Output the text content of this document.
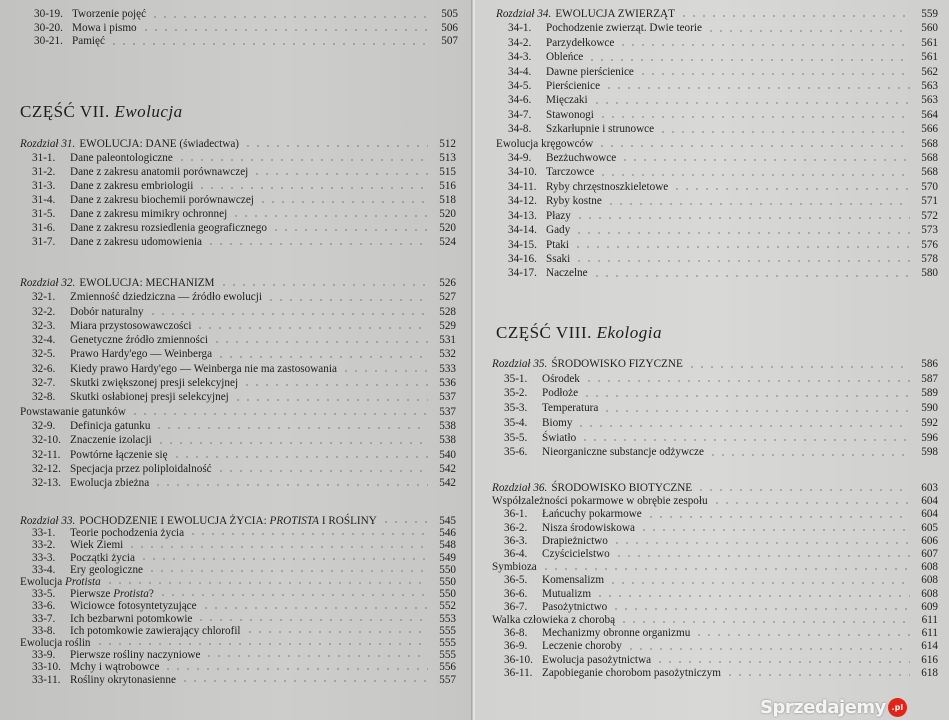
30-19. Tworzenie pojęć	505
30-20. Mowa i pismo	506
30-21. Pamięć	507
CZĘŚĆ VII. Ewolucja
Rozdział 31. EWOLUCJA: DANE (świadectwa)	512
31-1.	Dane paleontologiczne	513
31-2.	Dane z zakresu anatomii porównawczej	515
31-3.	Dane z zakresu embriologii	516
31-4.	Dane z zakresu biochemii porównawczej	518
31-5.	Dane z zakresu mimikry ochronnej	520
31-6.	Dane z zakresu rozsiedlenia geograficznego	520
31-7.	Dane z zakresu udomowienia	524
Rozdział 32. EWOLUCJA: MECHANIZM	526
32-1.	Zmienność dziedziczna — źródło ewolucji	527
32-2.	Dobór naturalny	528
32-3.	Miara przystosowawczości	529
32-4.	Genetyczne źródło zmienności	531
32-5.	Prawo Hardy'ego — Weinberga	532
32-6.	Kiedy prawo Hardy'ego — Weinberga nie ma zastosowania	533
32-7.	Skutki zwiększonej presji selekcyjnej	536
32-8.	Skutki osłabionej presji selekcyjnej	537
Powstawanie gatunków	537
32-9.	Definicja gatunku	538
32-10. Znaczenie izolacji	538
32-11. Powtórne łączenie się	540
32-12. Specjacja przez poliploidalność	542
32-13. Ewolucja zbieżna	542
Rozdział 33. POCHODZENIE I EWOLUCJA ŻYCIA: PROTISTA I ROŚLINY	545
33-1.	Teorie pochodzenia życia	546
33-2.	Wiek Ziemi	548
33-3.	Początki życia	549
33-4.	Ery geologiczne	550
Ewolucja Protista	550
33-5.	Pierwsze Protista?	550
33-6.	Wiciowce fotosyntetyzujące	552
33-7.	Ich bezbarwni potomkowie	553
33-8.	Ich potomkowie zawierający chlorofil	555
Ewolucja roślin	555
33-9.	Pierwsze rośliny naczyniowe	555
33-10. Mchy i wątrobowce	556
33-11. Rośliny okrytonasienne	557
Rozdział 34. EWOLUCJA ZWIERZĄT	559
34-1.	Pochodzenie zwierząt. Dwie teorie	560
34-2.	Parzydełkowce	561
34-3.	Obleńce	561
34-4.	Dawne pierścienice	562
34-5.	Pierścienice	563
34-6.	Mięczaki	563
34-7.	Stawonogi	564
34-8.	Szkarłupnie i strunowce	566
Ewolucja kręgowców	568
34-9.	Bezżuchwowce	568
34-10. Tarczowce	568
34-11. Ryby chrzęstnoszkieletowe	570
34-12. Ryby kostne	571
34-13. Płazy	572
34-14. Gady	573
34-15. Ptaki	576
34-16. Ssaki	578
34-17. Naczelne	580
CZĘŚĆ VIII. Ekologia
Rozdział 35. ŚRODOWISKO FIZYCZNE	586
35-1.	Ośrodek	587
35-2.	Podłoże	589
35-3.	Temperatura	590
35-4.	Biomy	592
35-5.	Światło	596
35-6.	Nieorganiczne substancje odżywcze	598
Rozdział 36. ŚRODOWISKO BIOTYCZNE	603
Współzależności pokarmowe w obrębie zespołu	604
36-1.	Łańcuchy pokarmowe	604
36-2.	Nisza środowiskowa	605
36-3.	Drapieżnictwo	606
36-4.	Czyścicielstwo	607
Symbioza	608
36-5.	Komensalizm	608
36-6.	Mutualizm	608
36-7.	Pasożytnictwo	609
Walka człowieka z chorobą	611
36-8.	Mechanizmy obronne organizmu	611
36-9.	Leczenie choroby	614
36-10. Ewolucja pasożytnictwa	616
36-11. Zapobieganie chorobom pasożytniczym	618
Sprzedajemy .pl
